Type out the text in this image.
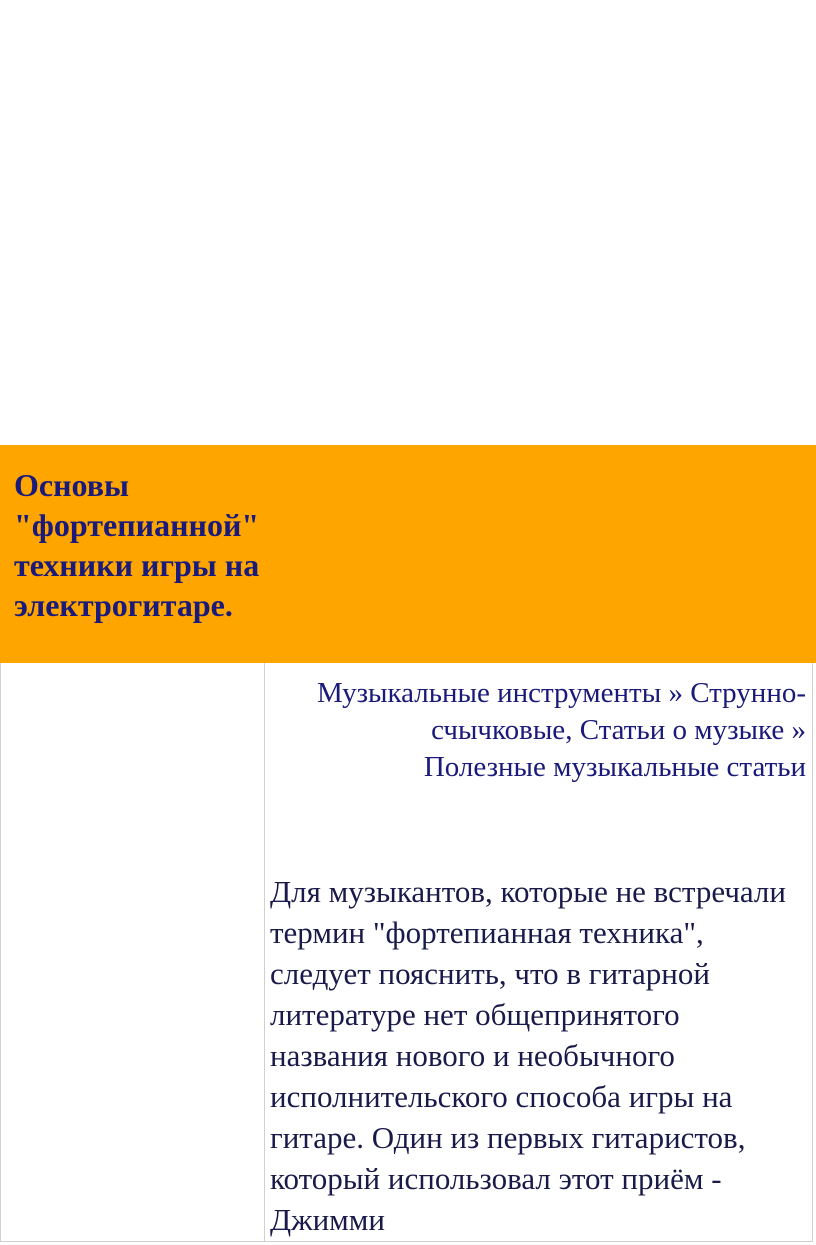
Основы "фортепианной" техники игры на электрогитаре.
Музыкальные инструменты » Струнно-счычковые, Статьи о музыке » Полезные музыкальные статьи

Для музыкантов, которые не встречали термин "фортепианная техника", следует пояснить, что в гитарной литературе нет общепринятого названия нового и необычного исполнительского способа игры на гитаре. Один из первых гитаристов, который использовал этот приём - Джимми
